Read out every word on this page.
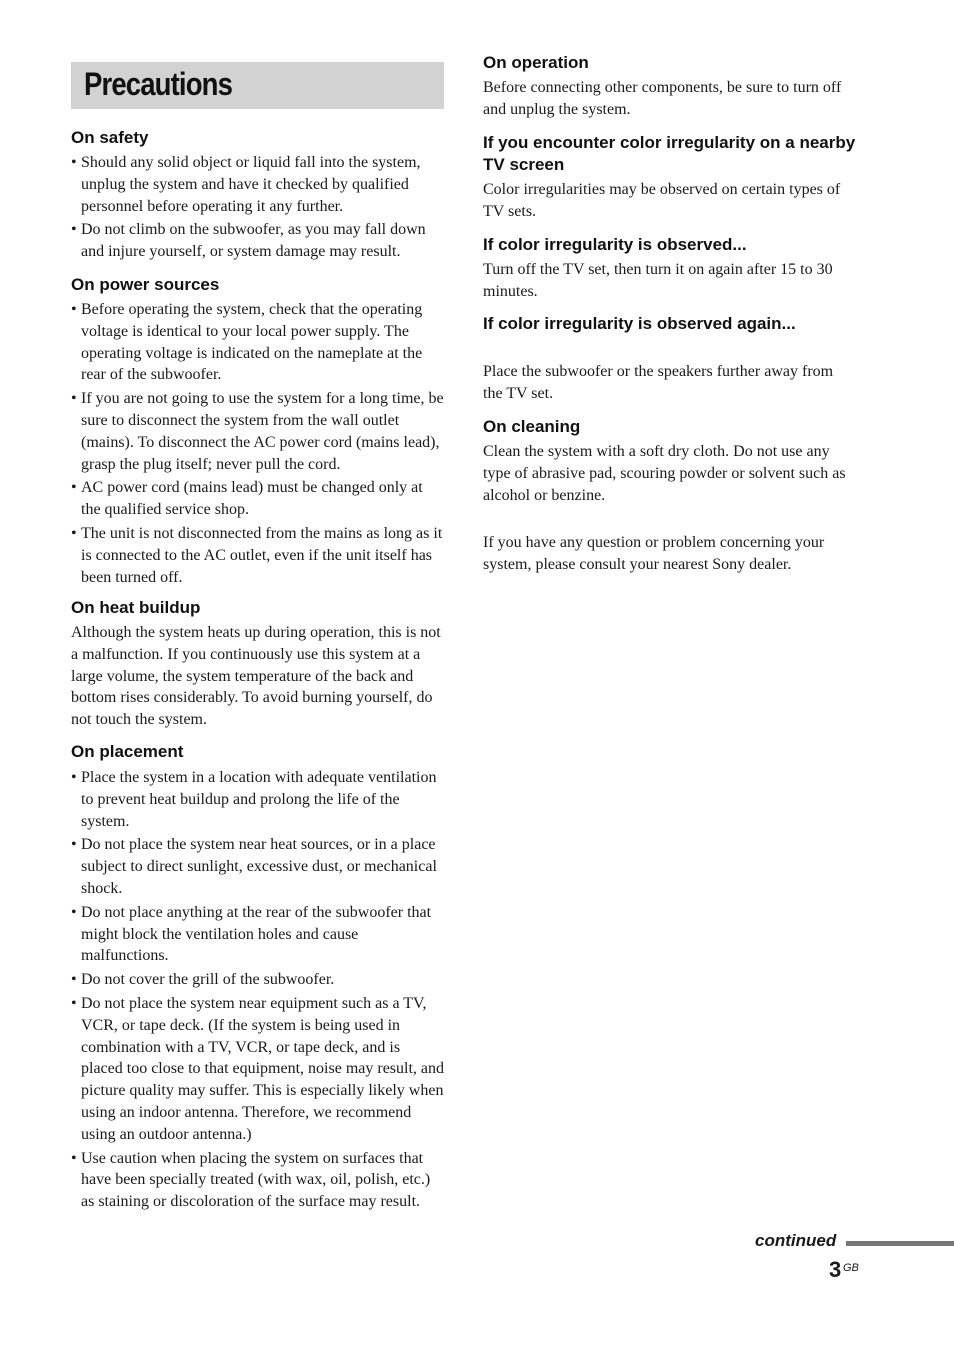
Precautions
On safety
• Should any solid object or liquid fall into the system, unplug the system and have it checked by qualified personnel before operating it any further.
• Do not climb on the subwoofer, as you may fall down and injure yourself, or system damage may result.
On power sources
• Before operating the system, check that the operating voltage is identical to your local power supply. The operating voltage is indicated on the nameplate at the rear of the subwoofer.
• If you are not going to use the system for a long time, be sure to disconnect the system from the wall outlet (mains). To disconnect the AC power cord (mains lead), grasp the plug itself; never pull the cord.
• AC power cord (mains lead) must be changed only at the qualified service shop.
• The unit is not disconnected from the mains as long as it is connected to the AC outlet, even if the unit itself has been turned off.
On heat buildup
Although the system heats up during operation, this is not a malfunction. If you continuously use this system at a large volume, the system temperature of the back and bottom rises considerably. To avoid burning yourself, do not touch the system.
On placement
• Place the system in a location with adequate ventilation to prevent heat buildup and prolong the life of the system.
• Do not place the system near heat sources, or in a place subject to direct sunlight, excessive dust, or mechanical shock.
• Do not place anything at the rear of the subwoofer that might block the ventilation holes and cause malfunctions.
• Do not cover the grill of the subwoofer.
• Do not place the system near equipment such as a TV, VCR, or tape deck. (If the system is being used in combination with a TV, VCR, or tape deck, and is placed too close to that equipment, noise may result, and picture quality may suffer. This is especially likely when using an indoor antenna. Therefore, we recommend using an outdoor antenna.)
• Use caution when placing the system on surfaces that have been specially treated (with wax, oil, polish, etc.) as staining or discoloration of the surface may result.
On operation
Before connecting other components, be sure to turn off and unplug the system.
If you encounter color irregularity on a nearby TV screen
Color irregularities may be observed on certain types of TV sets.
If color irregularity is observed...
Turn off the TV set, then turn it on again after 15 to 30 minutes.
If color irregularity is observed again...
Place the subwoofer or the speakers further away from the TV set.
On cleaning
Clean the system with a soft dry cloth. Do not use any type of abrasive pad, scouring powder or solvent such as alcohol or benzine.
If you have any question or problem concerning your system, please consult your nearest Sony dealer.
continued
3 GB
